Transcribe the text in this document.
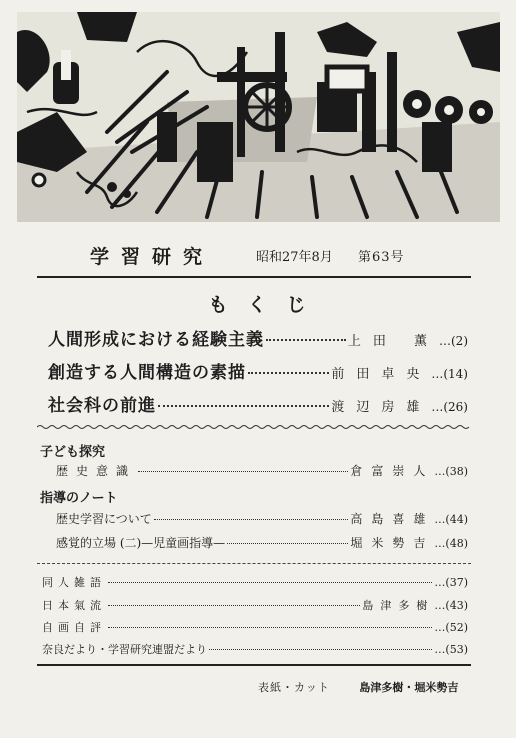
学習研究	昭和27年8月 第63号
もくじ
人間形成における経験主義	上田 薫 …(2)
創造する人間構造の素描	前田卓央 …(14)
社会科の前進	渡辺房雄 …(26)
子ども探究
歴史意識	倉富崇人 …(38)
指導のノート
歴史学習について	高島喜雄 …(44)
感覚的立場 (二)—児童画指導—	堀米勢吉 …(48)
同人雑語	…(37)
日本氣流	島津多樹 …(43)
自画自評	…(52)
奈良だより・学習研究連盟だより	…(53)
表紙・カット	島津多樹・堀米勢吉
